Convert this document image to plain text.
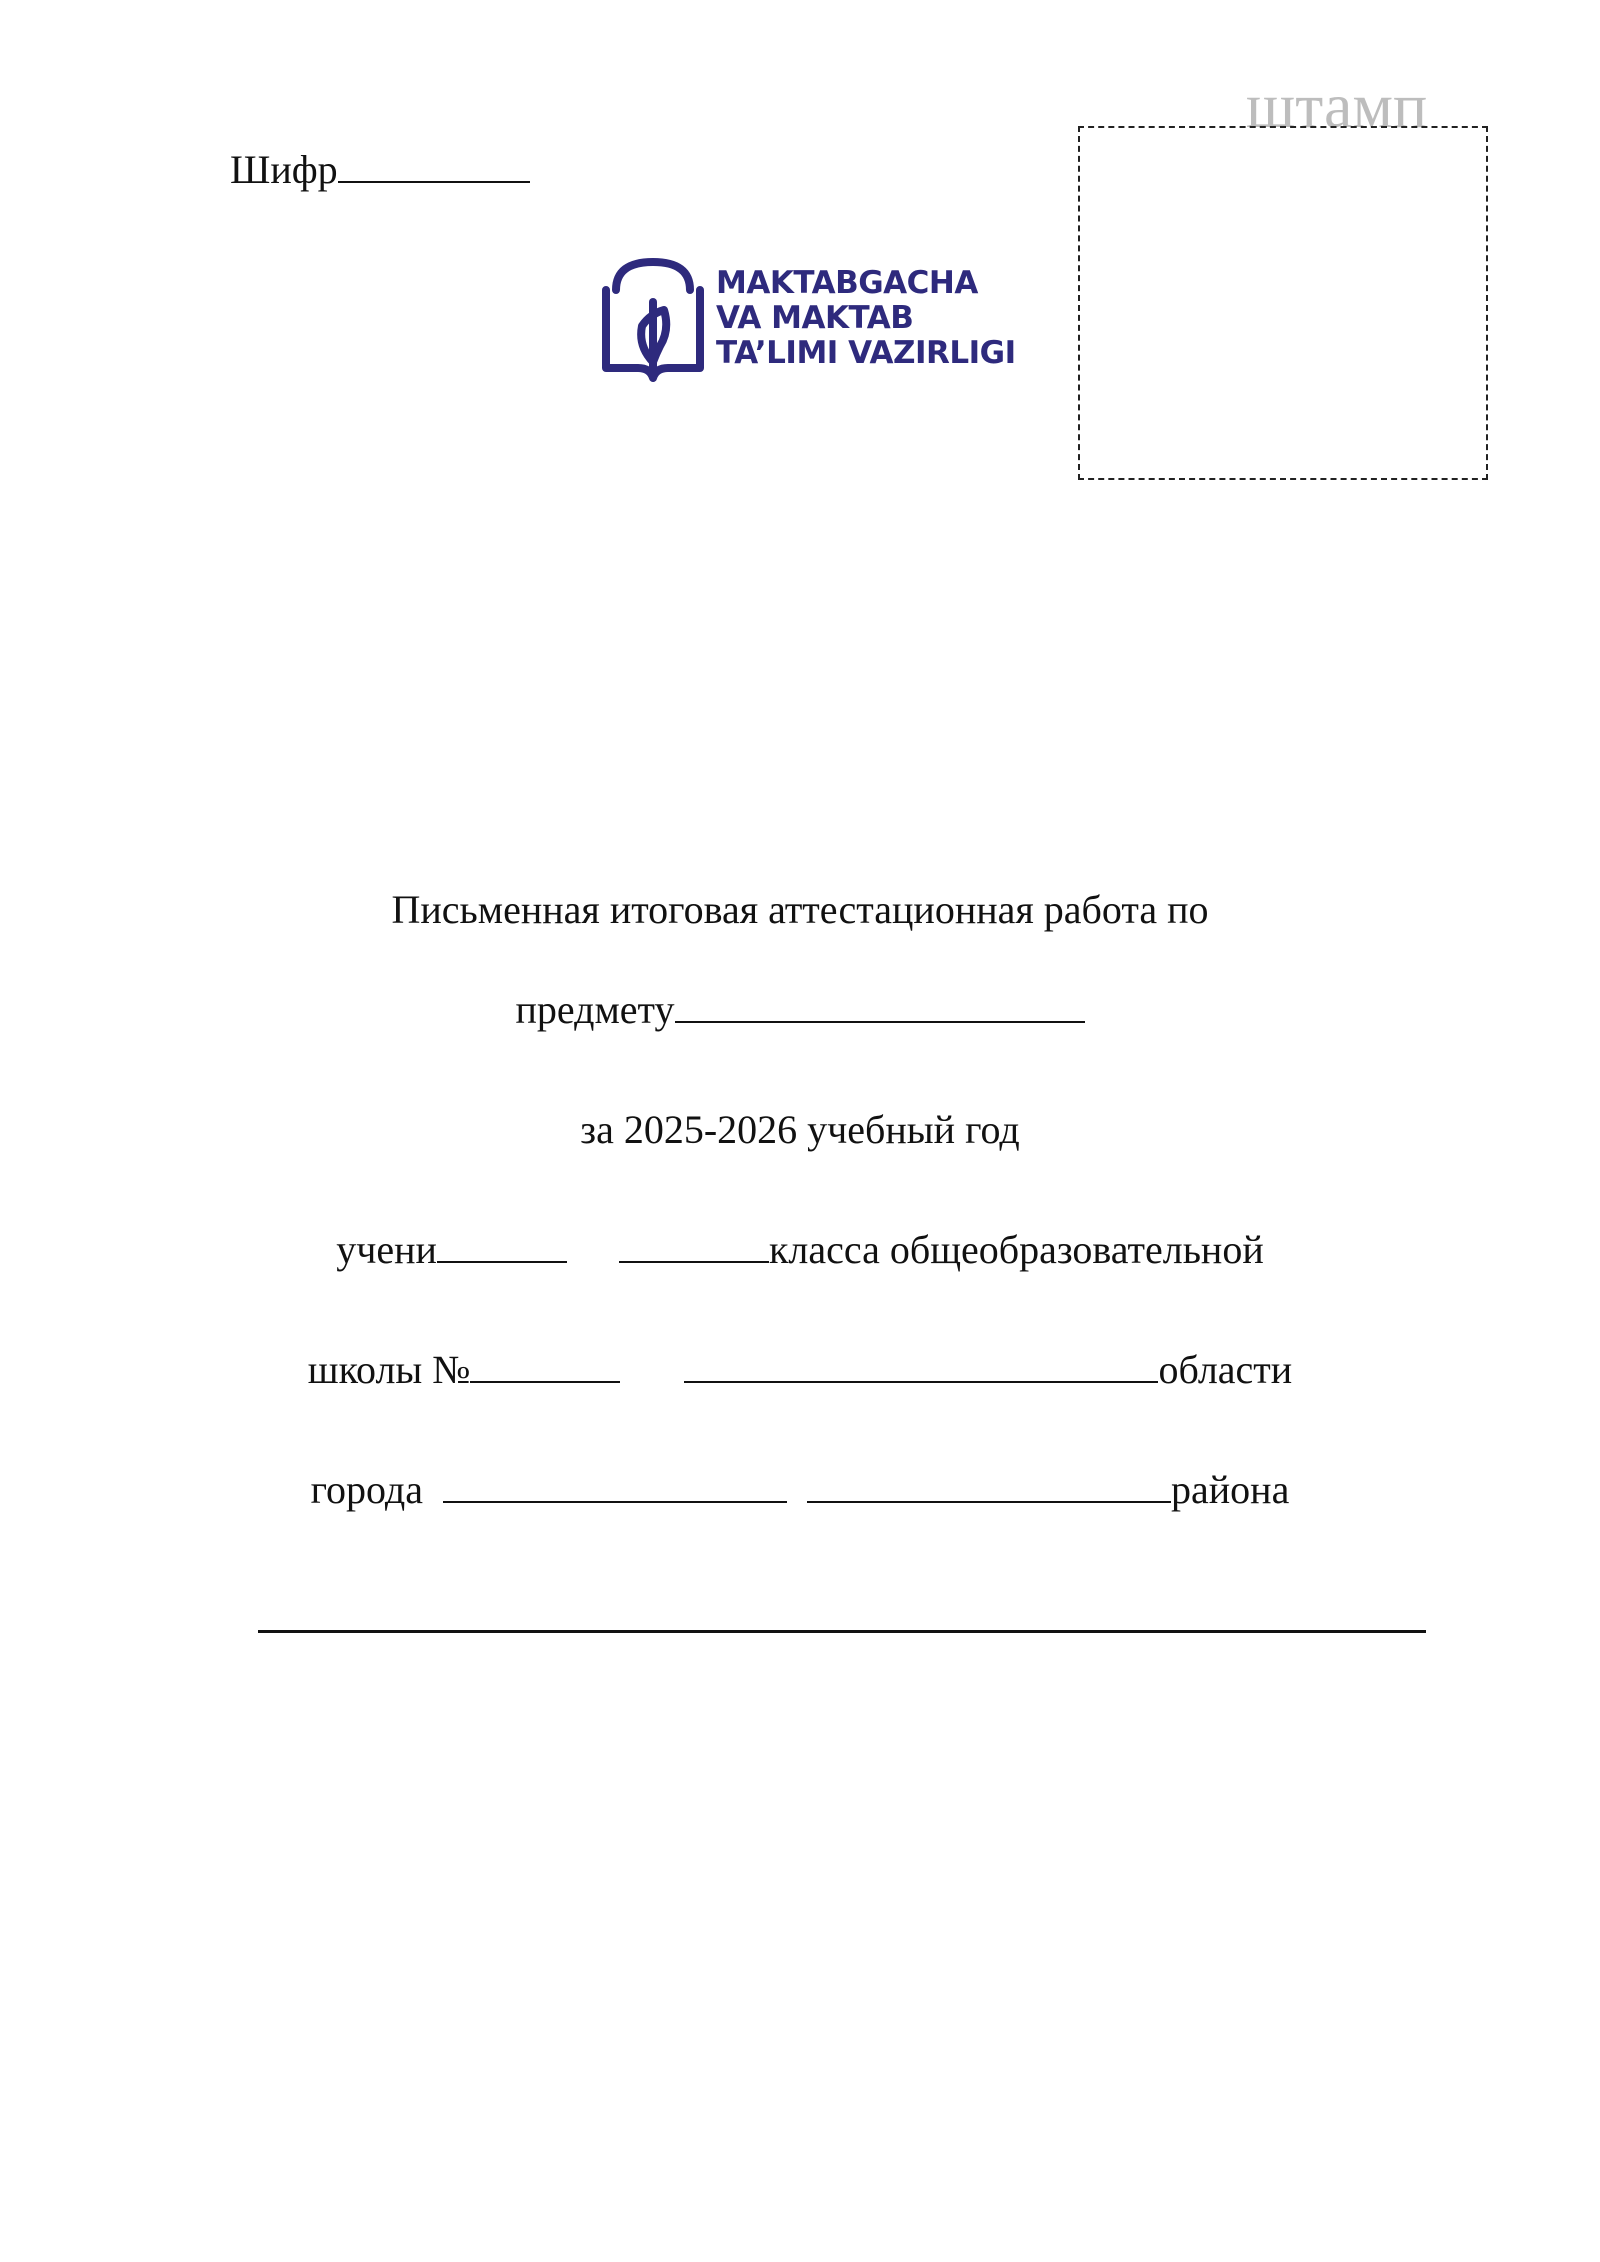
Шифр
штамп
MAKTABGACHA
VA MAKTAB
TA’LIMI VAZIRLIGI
Письменная итоговая аттестационная работа по
предмету
за 2025-2026 учебный год
учени	класса общеобразовательной
школы №	области
города	района
